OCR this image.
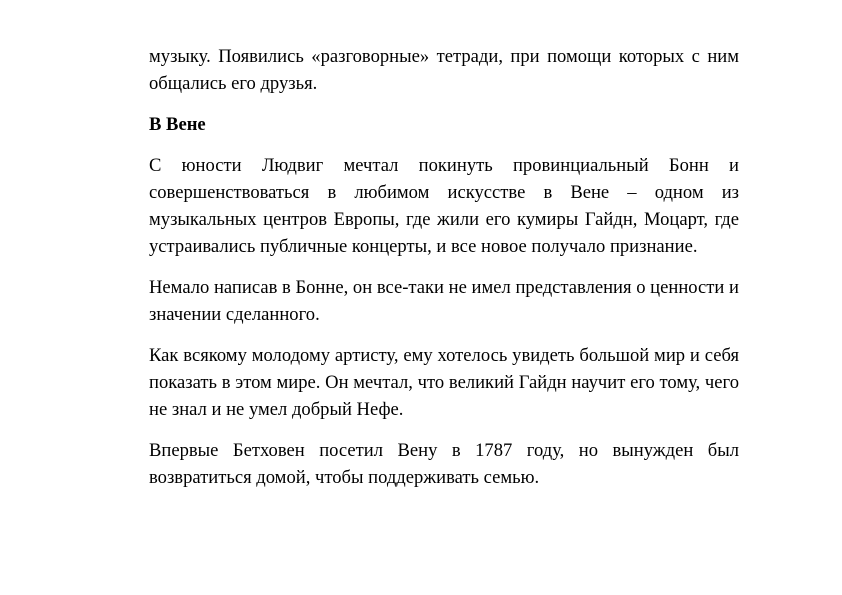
музыку. Появились «разговорные» тетради, при помощи которых с ним общались его друзья.

В Вене

С юности Людвиг мечтал покинуть провинциальный Бонн и совершенствоваться в любимом искусстве в Вене – одном из музыкальных центров Европы, где жили его кумиры Гайдн, Моцарт, где устраивались публичные концерты, и все новое получало признание.

Немало написав в Бонне, он все-таки не имел представления о ценности и значении сделанного.

Как всякому молодому артисту, ему хотелось увидеть большой мир и себя показать в этом мире. Он мечтал, что великий Гайдн научит его тому, чего не знал и не умел добрый Нефе.

Впервые Бетховен посетил Вену в 1787 году, но вынужден был возвратиться домой, чтобы поддерживать семью.
